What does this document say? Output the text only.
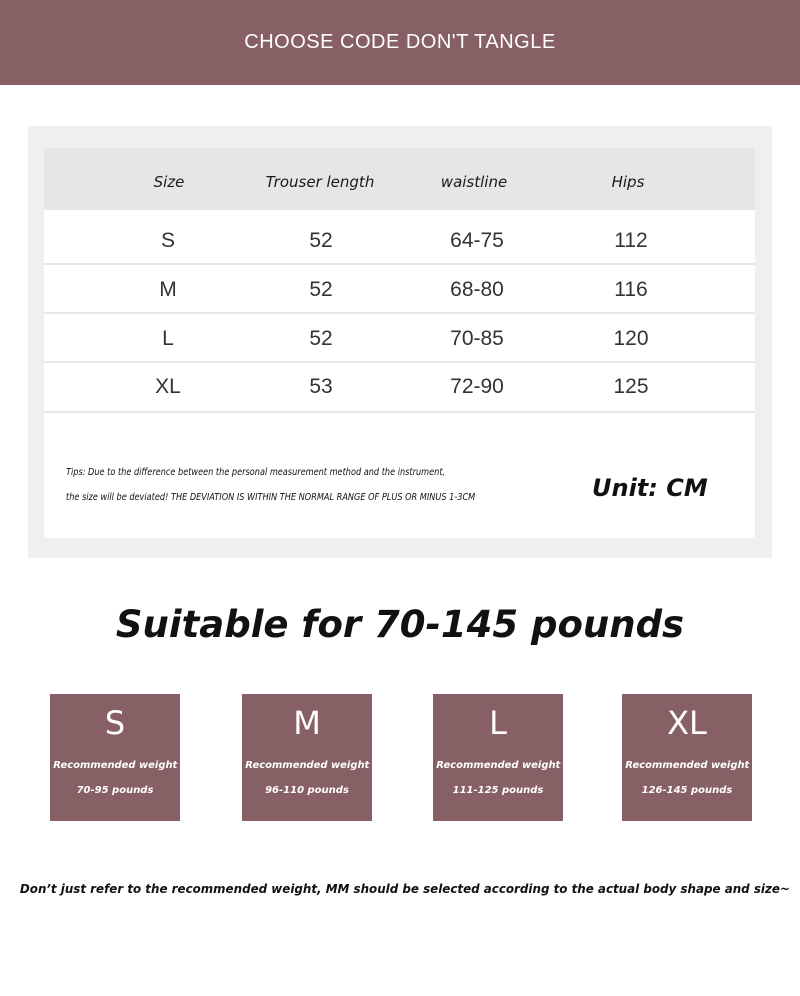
CHOOSE CODE DON'T TANGLE
Size	Trouser length	waistline	Hips
S	52	64-75	112
M	52	68-80	116
L	52	70-85	120
XL	53	72-90	125
Tips: Due to the difference between the personal measurement method and the instrument,
the size will be deviated! THE DEVIATION IS WITHIN THE NORMAL RANGE OF PLUS OR MINUS 1-3CM	Unit: CM
Suitable for 70-145 pounds
S
Recommended weight
70-95 pounds
M
Recommended weight
96-110 pounds
L
Recommended weight
111-125 pounds
XL
Recommended weight
126-145 pounds
Don’t just refer to the recommended weight, MM should be selected according to the actual body shape and size~
